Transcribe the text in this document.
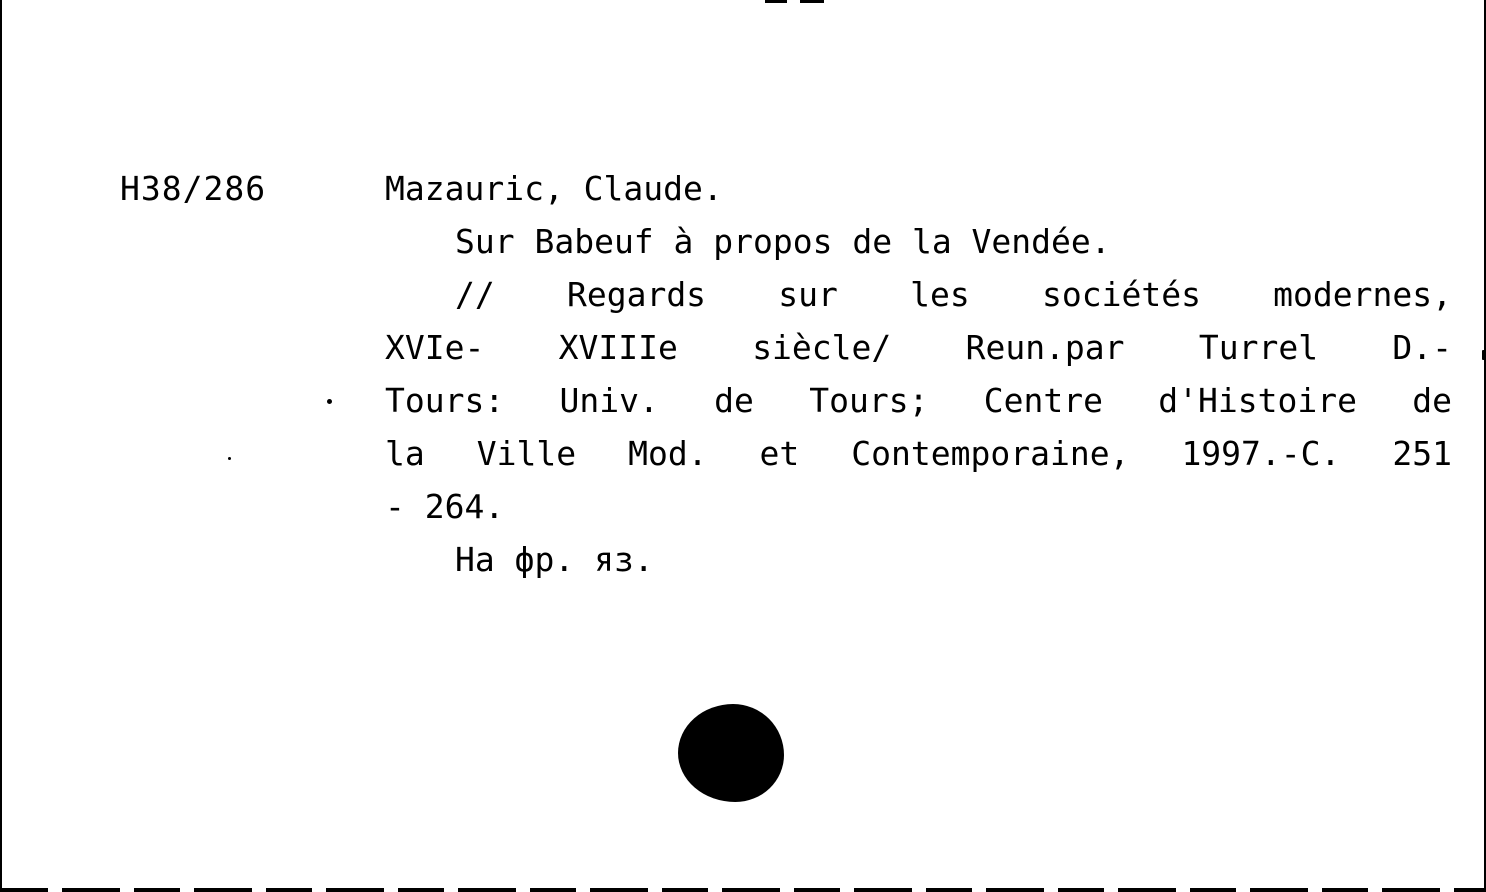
H38/286	Mazauric, Claude.
Sur Babeuf à propos de la Vendée.
// Regards sur les sociétés modernes,
XVIe- XVIIIe siècle/ Reun.par Turrel D.-
Tours: Univ. de Tours; Centre d'Histoire de
la Ville Mod. et Contemporaine, 1997.-C. 251
- 264.
На фр. яз.
